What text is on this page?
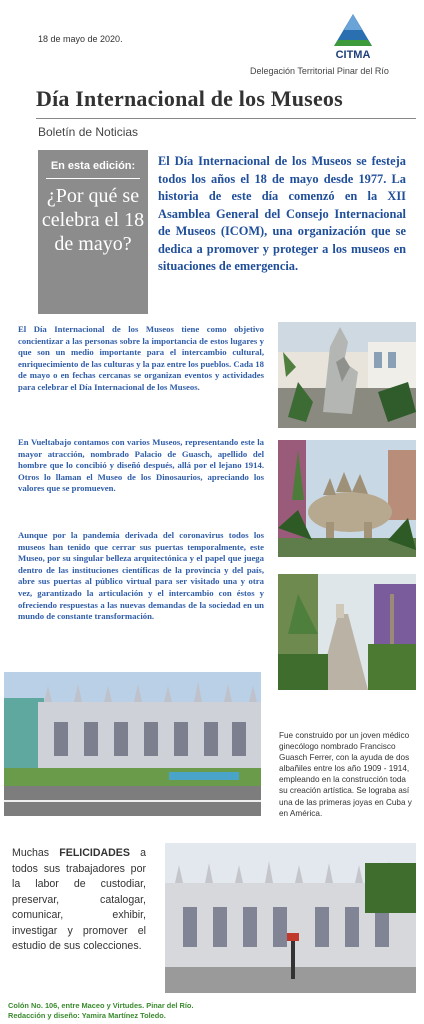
18 de mayo de 2020.
CITMA
Delegación Territorial Pinar del Río
Día Internacional de los Museos
Boletín de Noticias
En esta edición:
¿Por qué se celebra el 18 de mayo?
El Día Internacional de los Museos se festeja todos los años el 18 de mayo desde 1977. La historia de este día comenzó en la XII Asamblea General del Consejo Internacional de Museos (ICOM), una organización que se dedica a promover y proteger a los museos en situaciones de emergencia.
El Día Internacional de los Museos tiene como objetivo concientizar a las personas sobre la importancia de estos lugares y que son un medio importante para el intercambio cultural, enriquecimiento de las culturas y la paz entre los pueblos. Cada 18 de mayo o en fechas cercanas se organizan eventos y actividades para celebrar el Día Internacional de los Museos.
En Vueltabajo contamos con varios Museos, representando este la mayor atracción, nombrado Palacio de Guasch, apellido del hombre que lo concibió y diseñó después, allá por el lejano 1914. Otros lo llaman el Museo de los Dinosaurios, apreciando los valores que se promueven.
Aunque por la pandemia derivada del coronavirus todos los museos han tenido que cerrar sus puertas temporalmente, este Museo, por su singular belleza arquitectónica y el papel que juega dentro de las instituciones científicas de la provincia y del país, abre sus puertas al público virtual para ser visitado una y otra vez, garantizado la articulación y el intercambio con éstos y ofreciendo respuestas a las nuevas demandas de la sociedad en un mundo de constante transformación.
Fue construido por un joven médico ginecólogo nombrado Francisco Guasch Ferrer, con la ayuda de dos albañiles entre los año 1909 - 1914, empleando en la construcción toda su creación artística. Se lograba así una de las primeras joyas en Cuba y en América.
Muchas FELICIDADES a todos sus trabajadores por la labor de custodiar, preservar, catalogar, comunicar, exhibir, investigar y promover el estudio de sus colecciones.
Colón No. 106, entre Maceo y Virtudes. Pinar del Río.
Redacción y diseño: Yamira Martínez Toledo.
